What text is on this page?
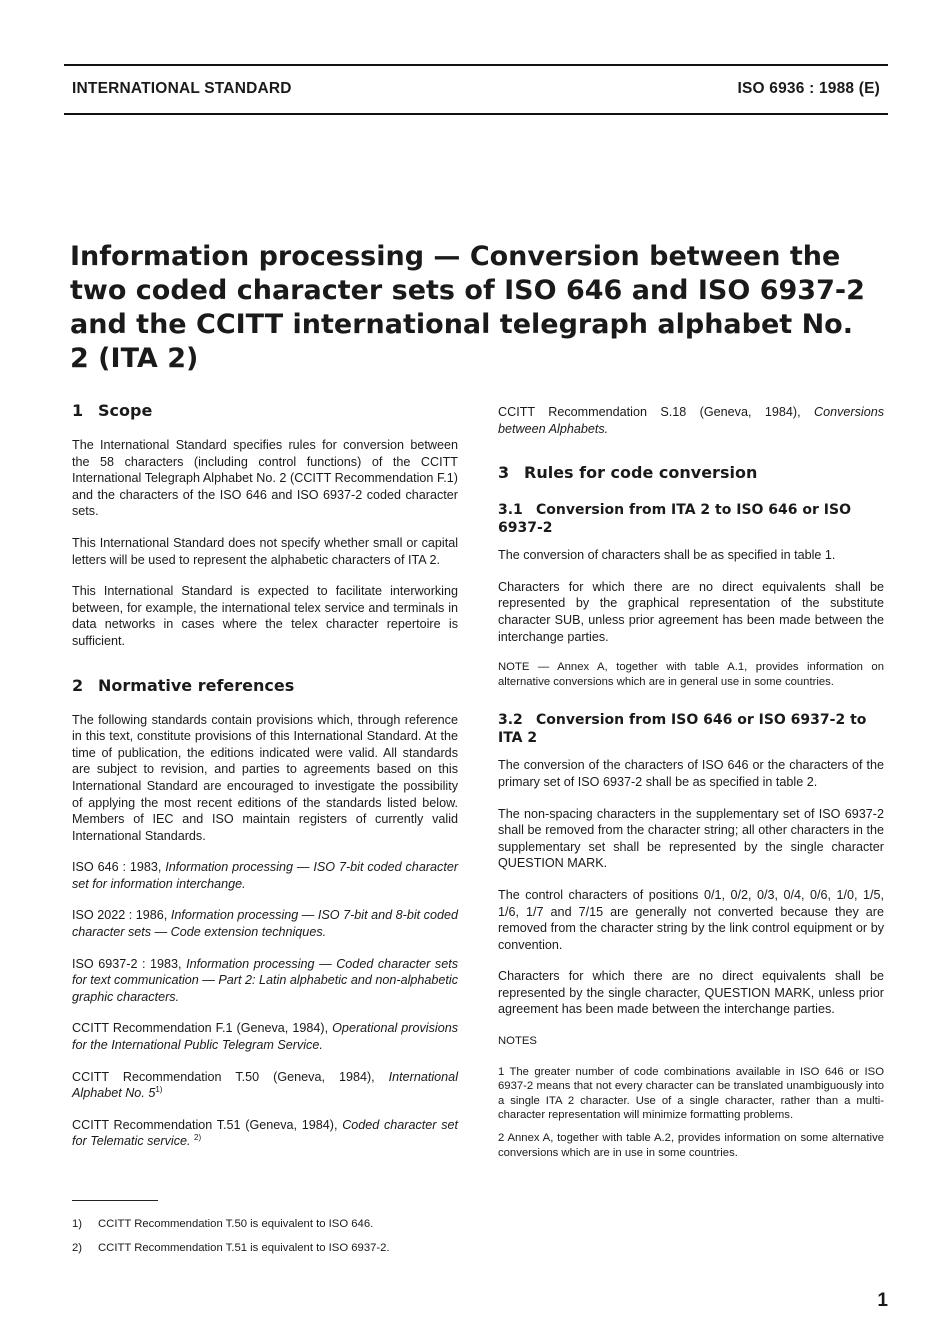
INTERNATIONAL STANDARD	ISO 6936 : 1988 (E)
Information processing — Conversion between the two coded character sets of ISO 646 and ISO 6937-2 and the CCITT international telegraph alphabet No. 2 (ITA 2)
1 Scope

The International Standard specifies rules for conversion between the 58 characters (including control functions) of the CCITT International Telegraph Alphabet No. 2 (CCITT Recommendation F.1) and the characters of the ISO 646 and ISO 6937-2 coded character sets.

This International Standard does not specify whether small or capital letters will be used to represent the alphabetic characters of ITA 2.

This International Standard is expected to facilitate interworking between, for example, the international telex service and terminals in data networks in cases where the telex character repertoire is sufficient.

2 Normative references

The following standards contain provisions which, through reference in this text, constitute provisions of this International Standard. At the time of publication, the editions indicated were valid. All standards are subject to revision, and parties to agreements based on this International Standard are encouraged to investigate the possibility of applying the most recent editions of the standards listed below. Members of IEC and ISO maintain registers of currently valid International Standards.

ISO 646 : 1983, Information processing — ISO 7-bit coded character set for information interchange.

ISO 2022 : 1986, Information processing — ISO 7-bit and 8-bit coded character sets — Code extension techniques.

ISO 6937-2 : 1983, Information processing — Coded character sets for text communication — Part 2: Latin alphabetic and non-alphabetic graphic characters.

CCITT Recommendation F.1 (Geneva, 1984), Operational provisions for the International Public Telegram Service.

CCITT Recommendation T.50 (Geneva, 1984), International Alphabet No. 5$^{1)}$

CCITT Recommendation T.51 (Geneva, 1984), Coded character set for Telematic service. $^{2)}$

CCITT Recommendation S.18 (Geneva, 1984), Conversions between Alphabets.

3 Rules for code conversion
3.1 Conversion from ITA 2 to ISO 646 or ISO 6937-2

The conversion of characters shall be as specified in table 1.

Characters for which there are no direct equivalents shall be represented by the graphical representation of the substitute character SUB, unless prior agreement has been made between the interchange parties.

NOTE — Annex A, together with table A.1, provides information on alternative conversions which are in general use in some countries.

3.2 Conversion from ISO 646 or ISO 6937-2 to ITA 2

The conversion of the characters of ISO 646 or the characters of the primary set of ISO 6937-2 shall be as specified in table 2.

The non-spacing characters in the supplementary set of ISO 6937-2 shall be removed from the character string; all other characters in the supplementary set shall be represented by the single character QUESTION MARK.

The control characters of positions 0/1, 0/2, 0/3, 0/4, 0/6, 1/0, 1/5, 1/6, 1/7 and 7/15 are generally not converted because they are removed from the character string by the link control equipment or by convention.

Characters for which there are no direct equivalents shall be represented by the single character, QUESTION MARK, unless prior agreement has been made between the interchange parties.

NOTES

1 The greater number of code combinations available in ISO 646 or ISO 6937-2 means that not every character can be translated unambiguously into a single ITA 2 character. Use of a single character, rather than a multi-character representation will minimize formatting problems.

2 Annex A, together with table A.2, provides information on some alternative conversions which are in use in some countries.

1) CCITT Recommendation T.50 is equivalent to ISO 646.
2) CCITT Recommendation T.51 is equivalent to ISO 6937-2.
1
